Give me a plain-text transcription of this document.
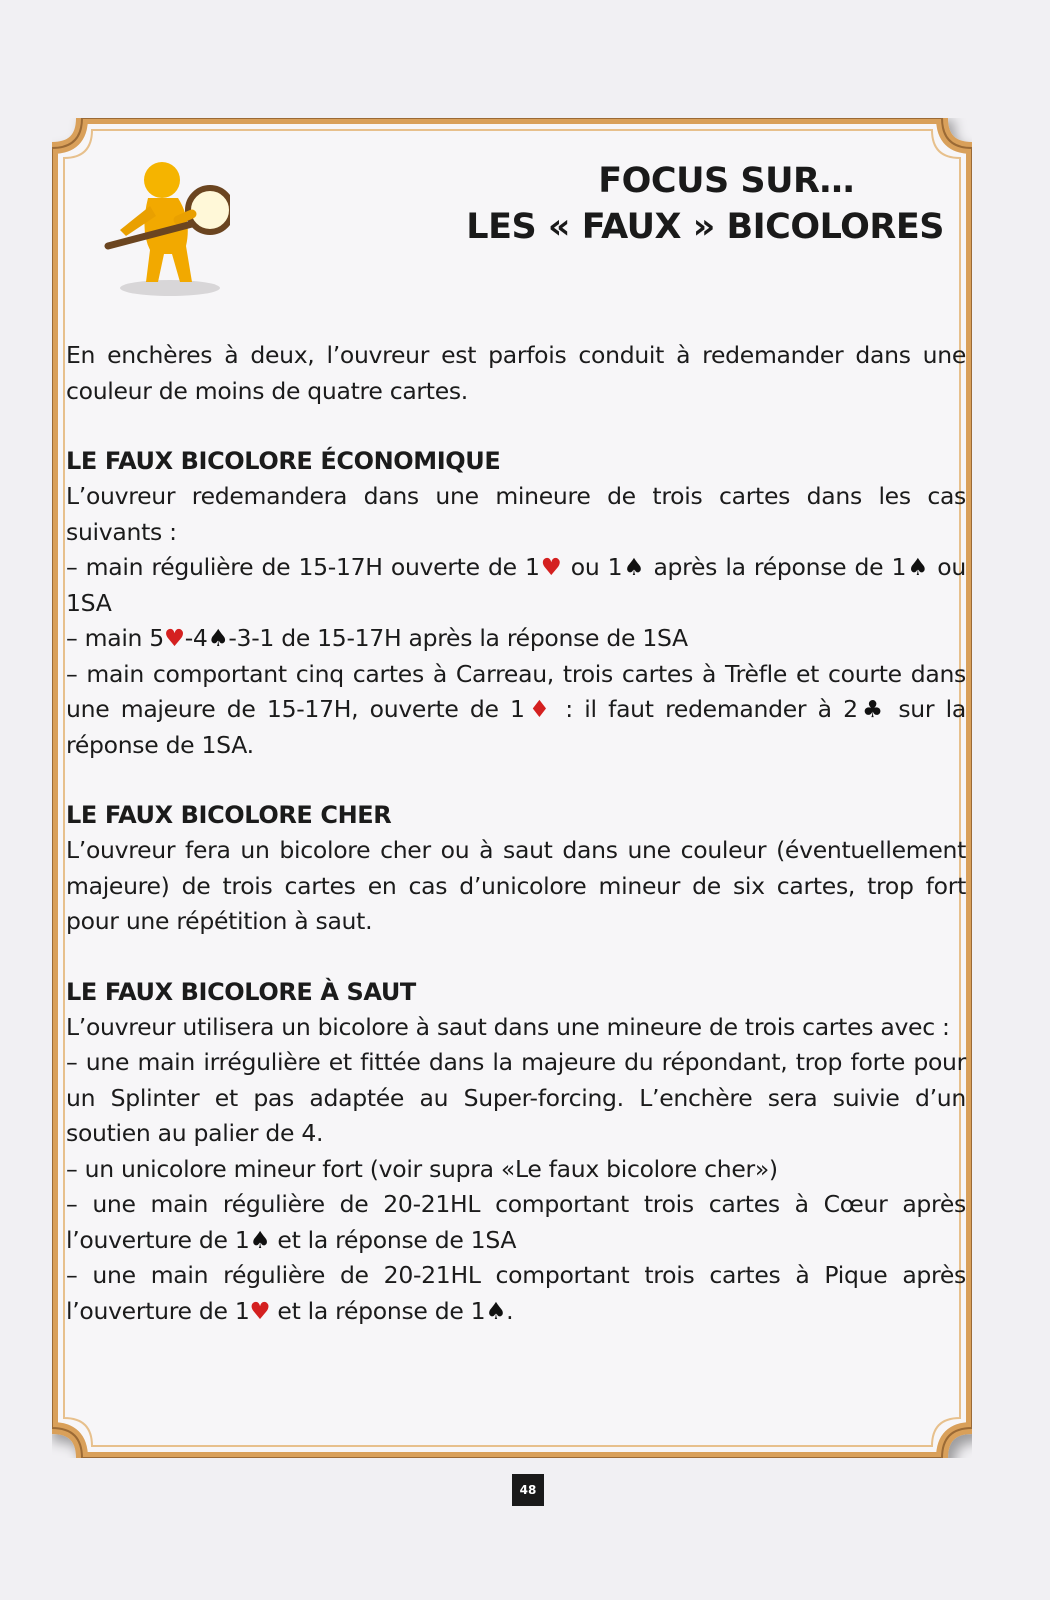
FOCUS SUR…
LES « FAUX » BICOLORES

En enchères à deux, l’ouvreur est parfois conduit à redemander dans une couleur de moins de quatre cartes.

LE FAUX BICOLORE ÉCONOMIQUE

L’ouvreur redemandera dans une mineure de trois cartes dans les cas suivants :

– main régulière de 15-17H ouverte de 1♥ ou 1♠ après la réponse de 1♠ ou 1SA

– main 5♥-4♠-3-1 de 15-17H après la réponse de 1SA

– main comportant cinq cartes à Carreau, trois cartes à Trèfle et courte dans une majeure de 15-17H, ouverte de 1♦ : il faut redemander à 2♣ sur la réponse de 1SA.

LE FAUX BICOLORE CHER

L’ouvreur fera un bicolore cher ou à saut dans une couleur (éventuellement majeure) de trois cartes en cas d’unicolore mineur de six cartes, trop fort pour une répétition à saut.

LE FAUX BICOLORE À SAUT

L’ouvreur utilisera un bicolore à saut dans une mineure de trois cartes avec :

– une main irrégulière et fittée dans la majeure du répondant, trop forte pour un Splinter et pas adaptée au Super-forcing. L’enchère sera suivie d’un soutien au palier de 4.

– un unicolore mineur fort (voir supra «Le faux bicolore cher»)

– une main régulière de 20-21HL comportant trois cartes à Cœur après l’ouverture de 1♠ et la réponse de 1SA

– une main régulière de 20-21HL comportant trois cartes à Pique après l’ouverture de 1♥ et la réponse de 1♠.

48
